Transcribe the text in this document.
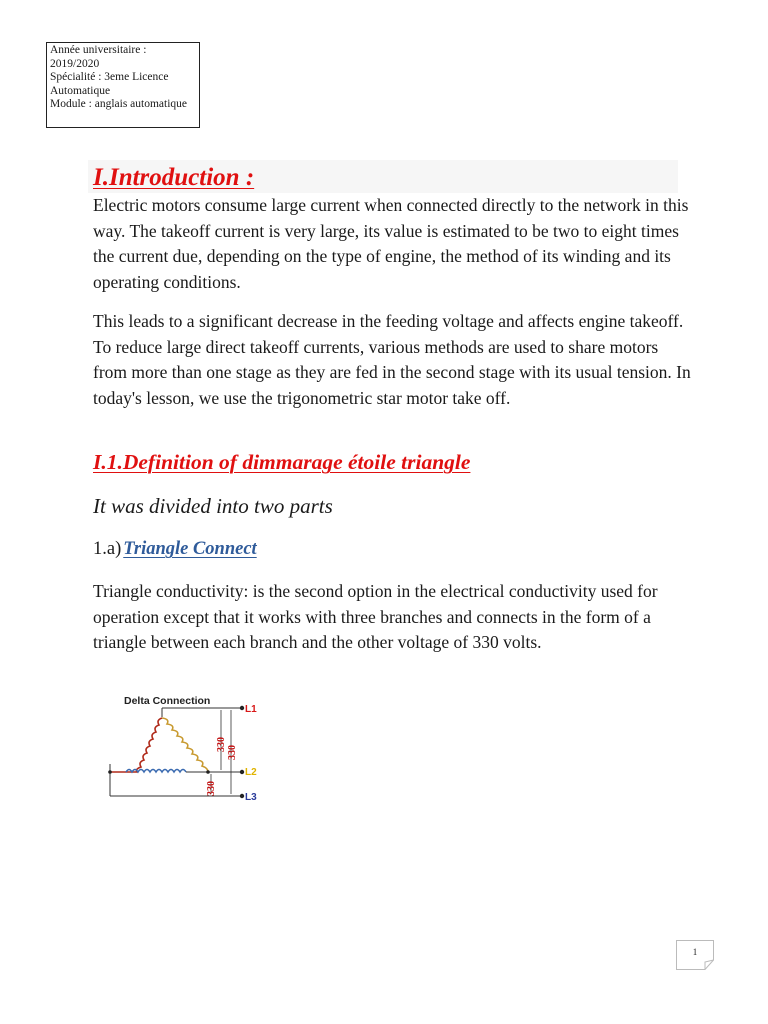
Année universitaire : 2019/2020
Spécialité : 3eme Licence Automatique
Module : anglais automatique
I.Introduction :

Electric motors consume large current when connected directly to the network in this way. The takeoff current is very large, its value is estimated to be two to eight times the current due, depending on the type of engine, the method of its winding and its operating conditions.

This leads to a significant decrease in the feeding voltage and affects engine takeoff. To reduce large direct takeoff currents, various methods are used to share motors from more than one stage as they are fed in the second stage with its usual tension. In today's lesson, we use the trigonometric star motor take off.

I.1.Definition of dimmarage étoile triangle
It was divided into two parts
1.a) Triangle Connect

Triangle conductivity: is the second option in the electrical conductivity used for operation except that it works with three branches and connects in the form of a triangle between each branch and the other voltage of 330 volts.

Delta Connection
330
330
330
L1
L2
L3
1
